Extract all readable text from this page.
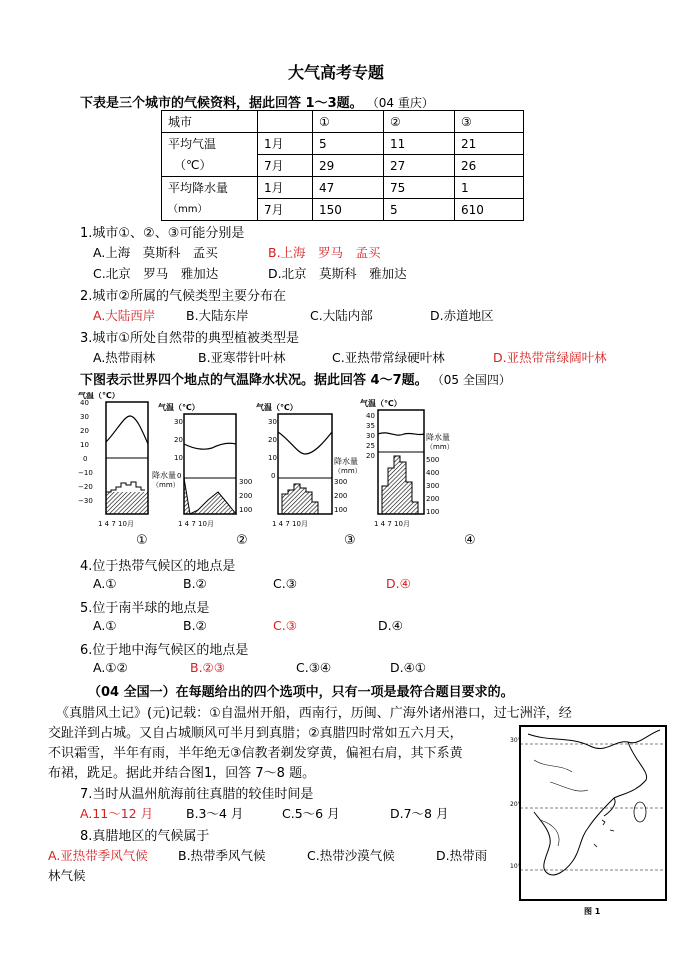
大气高考专题
下表是三个城市的气候资料，据此回答 1～3题。 （04 重庆）
城市		①	②	③

平均气温
（℃）	1月	5	11	21
	7月	29	27	26

平均降水量
（mm）	1月	47	75	1
	7月	150	5	610
1.城市①、②、③可能分别是
A.上海　莫斯科　孟买	B.上海　罗马　孟买
C.北京　罗马　雅加达	D.北京　莫斯科　雅加达
2.城市②所属的气候类型主要分布在
A.大陆西岸 B.大陆东岸	C.大陆内部	D.赤道地区
3.城市①所处自然带的典型植被类型是
A.热带雨林	B.亚寒带针叶林	C.亚热带常绿硬叶林	D.亚热带常绿阔叶林
下图表示世界四个地点的气温降水状况。据此回答 4～7题。 （05 全国四）
气温（℃）
40
30
20
10
0
−10
−20
−30
1 4 7 10月
气温（℃）
30
20
10
0
降水量
（mm）	300
200
100
1 4 7 10月
气温（℃）
30
20
10
0
降水量
（mm）
300
200
100
1 4 7 10月
气温（℃）
40
35
30
25
20
降水量
（mm）
500
400
300
200
100
1 4 7 10月
①	②	③	④
4.位于热带气候区的地点是
A.①	B.②	C.③	D.④
5.位于南半球的地点是
A.①	B.②	C.③	D.④
6.位于地中海气候区的地点是
A.①②	B.②③	C.③④	D.④①
（04 全国一）在每题给出的四个选项中，只有一项是最符合题目要求的。
《真腊风土记》(元)记载：①自温州开船，西南行，历闽、广海外诸州港口，过七洲洋，经
交趾洋到占城。又自占城顺风可半月到真腊；②真腊四时常如五六月天，
不识霜雪，半年有雨，半年绝无③信教者剃发穿黄，偏袒右肩，其下系黄
布裙，跣足。据此并结合图1，回答 7～8 题。
7.当时从温州航海前往真腊的较佳时间是
A.11～12 月	B.3～4 月	C.5～6 月	D.7～8 月
8.真腊地区的气候属于
A.亚热带季风气候 B.热带季风气候	C.热带沙漠气候	D.热带雨
林气候
30°
20°
10°
图 1
